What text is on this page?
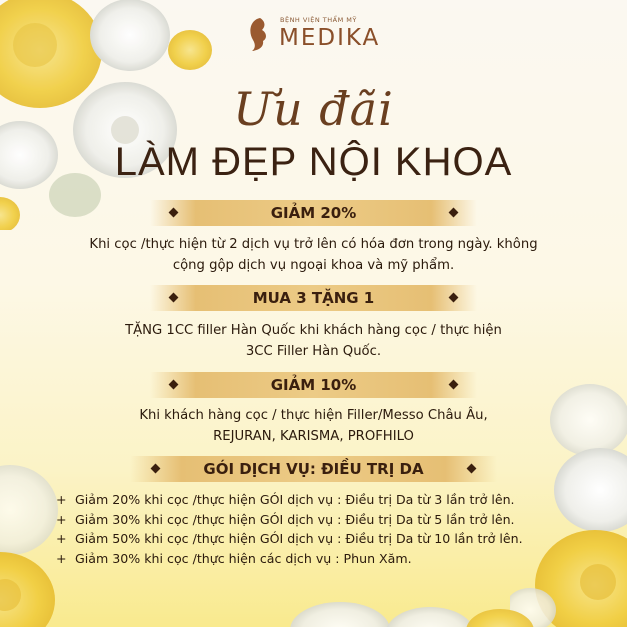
BỆNH VIỆN THẨM MỸ
MEDIKA
Ưu đãi
LÀM ĐẸP NỘI KHOA
GIẢM 20%
Khi cọc /thực hiện từ 2 dịch vụ trở lên có hóa đơn trong ngày. không
cộng gộp dịch vụ ngoại khoa và mỹ phẩm.
MUA 3 TẶNG 1
TẶNG 1CC filler Hàn Quốc khi khách hàng cọc / thực hiện
3CC Filler Hàn Quốc.
GIẢM 10%
Khi khách hàng cọc / thực hiện Filler/Messo Châu Âu,
REJURAN, KARISMA, PROFHILO
GÓI DỊCH VỤ: ĐIỀU TRỊ DA
+ Giảm 20% khi cọc /thực hiện GÓI dịch vụ : Điều trị Da từ 3 lần trở lên.
+ Giảm 30% khi cọc /thực hiện GÓI dịch vụ : Điều trị Da từ 5 lần trở lên.
+ Giảm 50% khi cọc /thực hiện GÓI dịch vụ : Điều trị Da từ 10 lần trở lên.
+ Giảm 30% khi cọc /thực hiện các dịch vụ : Phun Xăm.
